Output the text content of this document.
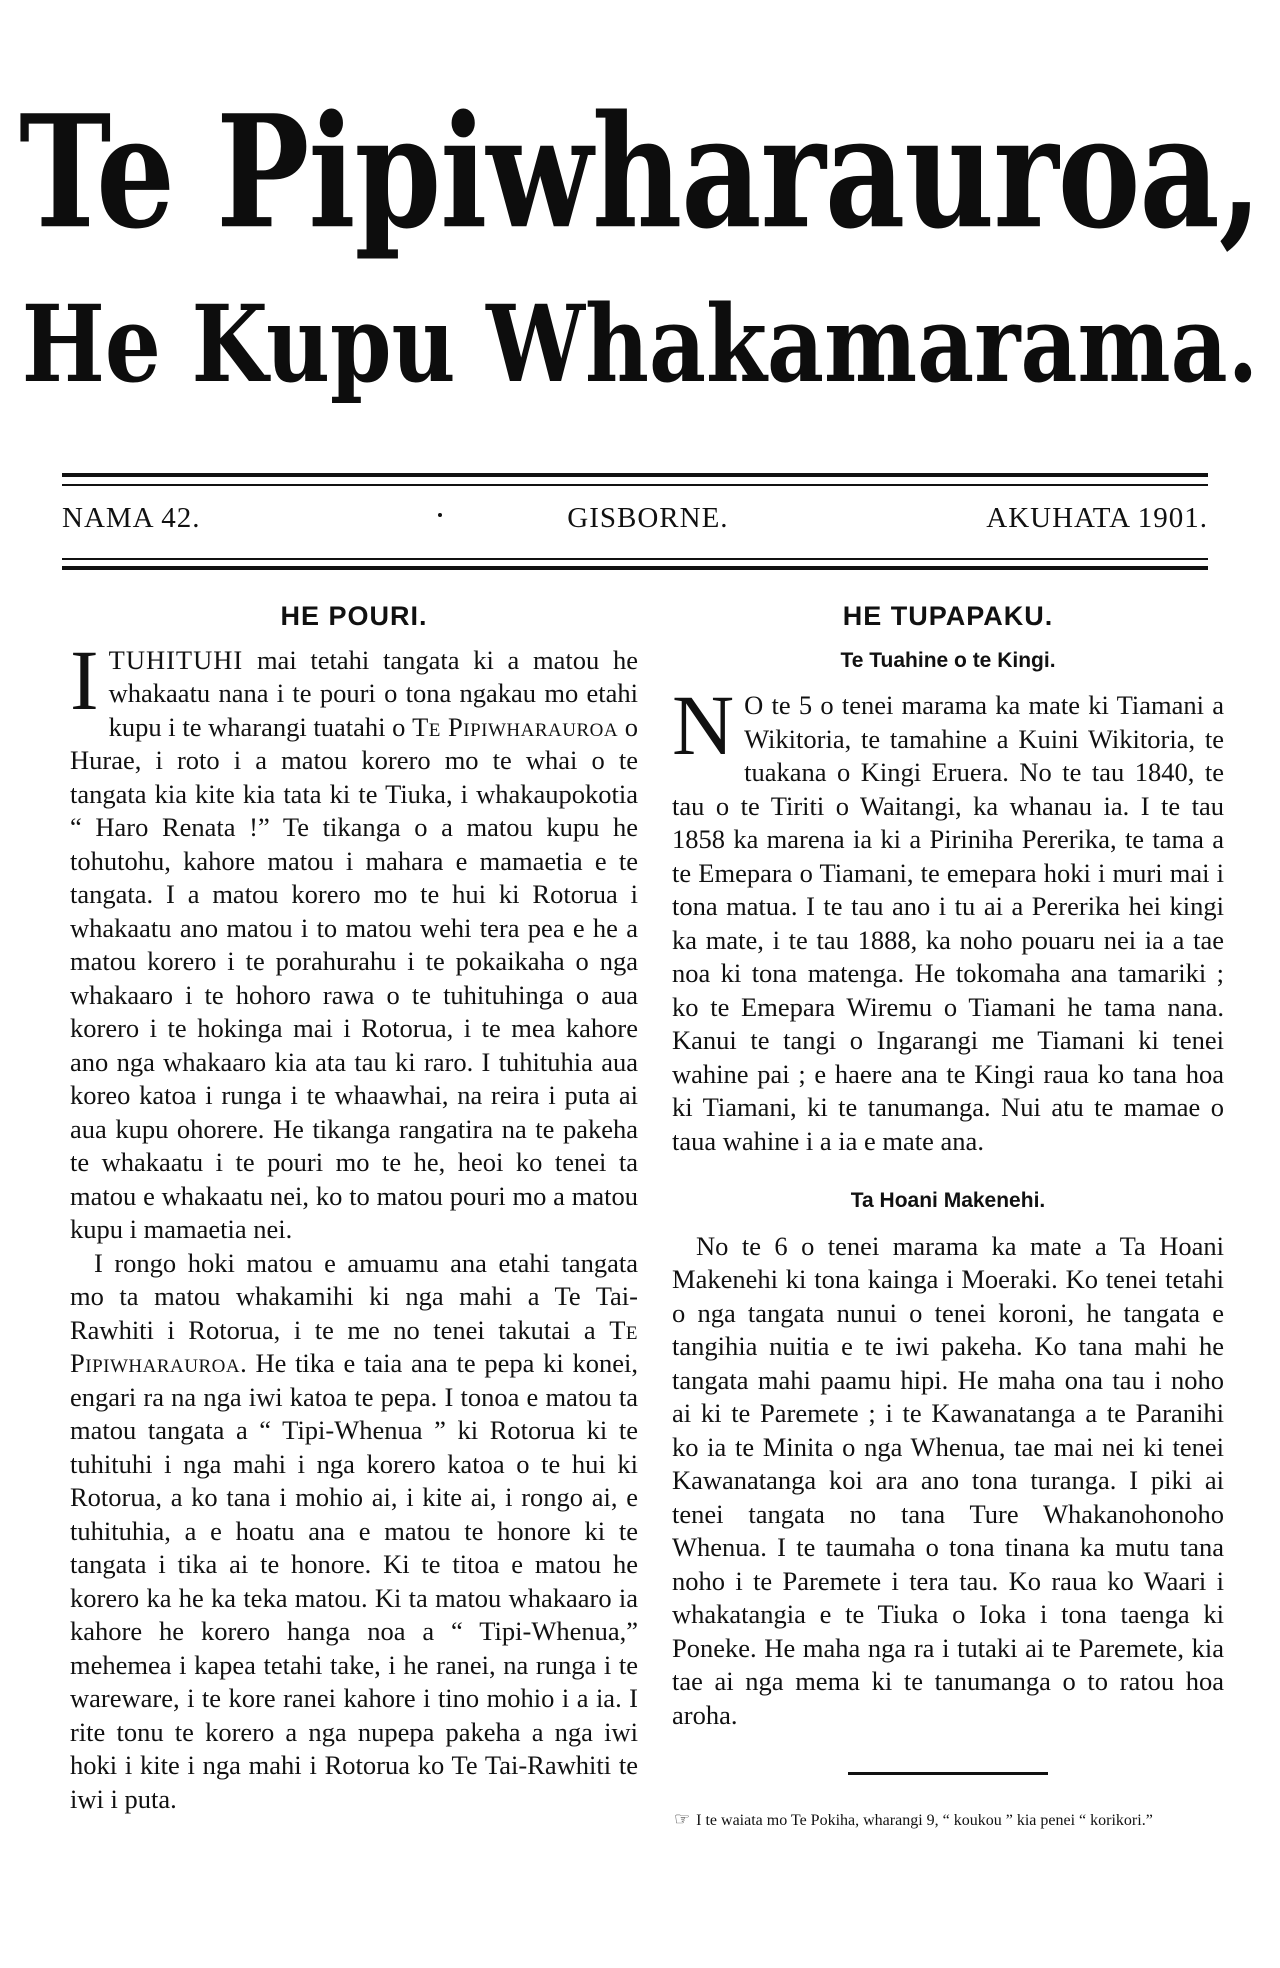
Te Pipiwharauroa,
He Kupu Whakamarama.
NAMA 42.	GISBORNE.	AKUHATA 1901.
HE POURI.

ITUHITUHI mai tetahi tangata ki a matou he whakaatu nana i te pouri o tona ngakau mo etahi kupu i te wharangi tuatahi o Te Pipiwharauroa o Hurae, i roto i a matou korero mo te whai o te tangata kia kite kia tata ki te Tiuka, i whakaupokotia “ Haro Renata !” Te tikanga o a matou kupu he tohutohu, kahore matou i mahara e mamaetia e te tangata. I a matou korero mo te hui ki Rotorua i whakaatu ano matou i to matou wehi tera pea e he a matou korero i te porahurahu i te pokaikaha o nga whakaaro i te hohoro rawa o te tuhituhinga o aua korero i te hokinga mai i Rotorua, i te mea kahore ano nga whakaaro kia ata tau ki raro. I tuhituhia aua koreo katoa i runga i te whaawhai, na reira i puta ai aua kupu ohorere. He tikanga rangatira na te pakeha te whakaatu i te pouri mo te he, heoi ko tenei ta matou e whakaatu nei, ko to matou pouri mo a matou kupu i mamaetia nei.

I rongo hoki matou e amuamu ana etahi tangata mo ta matou whakamihi ki nga mahi a Te Tai-Rawhiti i Rotorua, i te me no tenei takutai a Te Pipiwharauroa. He tika e taia ana te pepa ki konei, engari ra na nga iwi katoa te pepa. I tonoa e matou ta matou tangata a “ Tipi-Whenua ” ki Rotorua ki te tuhituhi i nga mahi i nga korero katoa o te hui ki Rotorua, a ko tana i mohio ai, i kite ai, i rongo ai, e tuhituhia, a e hoatu ana e matou te honore ki te tangata i tika ai te honore. Ki te titoa e matou he korero ka he ka teka matou. Ki ta matou whakaaro ia kahore he korero hanga noa a “ Tipi-Whenua,” mehemea i kapea tetahi take, i he ranei, na runga i te wareware, i te kore ranei kahore i tino mohio i a ia. I rite tonu te korero a nga nupepa pakeha a nga iwi hoki i kite i nga mahi i Rotorua ko Te Tai-Rawhiti te iwi i puta.

HE TUPAPAKU.
Te Tuahine o te Kingi.

N O te 5 o tenei marama ka mate ki Tiamani a Wikitoria, te tamahine a Kuini Wikitoria, te tuakana o Kingi Eruera. No te tau 1840, te tau o te Tiriti o Waitangi, ka whanau ia. I te tau 1858 ka marena ia ki a Piriniha Pererika, te tama a te Emepara o Tiamani, te emepara hoki i muri mai i tona matua. I te tau ano i tu ai a Pererika hei kingi ka mate, i te tau 1888, ka noho pouaru nei ia a tae noa ki tona matenga. He tokomaha ana tamariki ; ko te Emepara Wiremu o Tiamani he tama nana. Kanui te tangi o Ingarangi me Tiamani ki tenei wahine pai ; e haere ana te Kingi raua ko tana hoa ki Tiamani, ki te tanumanga. Nui atu te mamae o taua wahine i a ia e mate ana.

Ta Hoani Makenehi.

No te 6 o tenei marama ka mate a Ta Hoani Makenehi ki tona kainga i Moeraki. Ko tenei tetahi o nga tangata nunui o tenei koroni, he tangata e tangihia nuitia e te iwi pakeha. Ko tana mahi he tangata mahi paamu hipi. He maha ona tau i noho ai ki te Paremete ; i te Kawanatanga a te Paranihi ko ia te Minita o nga Whenua, tae mai nei ki tenei Kawanatanga koi ara ano tona turanga. I piki ai tenei tangata no tana Ture Whakanohonoho Whenua. I te taumaha o tona tinana ka mutu tana noho i te Paremete i tera tau. Ko raua ko Waari i whakatangia e te Tiuka o Ioka i tona taenga ki Poneke. He maha nga ra i tutaki ai te Paremete, kia tae ai nga mema ki te tanumanga o to ratou hoa aroha.

☞ I te waiata mo Te Pokiha, wharangi 9, “ koukou ” kia penei “ korikori.”
